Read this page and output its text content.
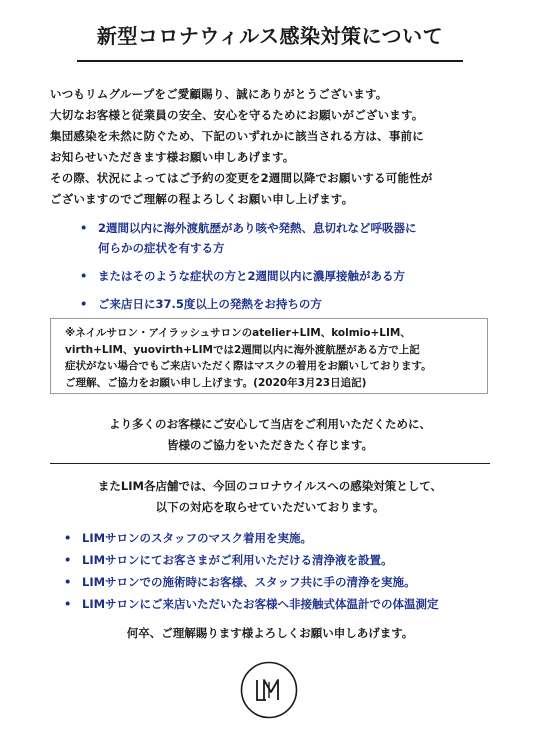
新型コロナウィルス感染対策について

いつもリムグループをご愛顧賜り、誠にありがとうございます。

大切なお客様と従業員の安全、安心を守るためにお願いがございます。

集団感染を未然に防ぐため、下記のいずれかに該当される方は、事前に

お知らせいただきます様お願い申しあげます。

その際、状況によってはご予約の変更を2週間以降でお願いする可能性が

ございますのでご理解の程よろしくお願い申し上げます。

• 2週間以内に海外渡航歴があり咳や発熱、息切れなど呼吸器に
何らかの症状を有する方
• またはそのような症状の方と2週間以内に濃厚接触がある方
• ご来店日に37.5度以上の発熱をお持ちの方

※ネイルサロン・アイラッシュサロンのatelier+LIM、kolmio+LIM、

virth+LIM、yuovirth+LIMでは2週間以内に海外渡航歴がある方で上記

症状がない場合でもご来店いただく際はマスクの着用をお願いしております。

ご理解、ご協力をお願い申し上げます。(2020年3月23日追記)

より多くのお客様にご安心して当店をご利用いただくために、

皆様のご協力をいただきたく存じます。

またLIM各店舗では、今回のコロナウイルスへの感染対策として、

以下の対応を取らせていただいております。

• LIMサロンのスタッフのマスク着用を実施。
• LIMサロンにてお客さまがご利用いただける清浄液を設置。
• LIMサロンでの施術時にお客様、スタッフ共に手の清浄を実施。
• LIMサロンにご来店いただいたお客様へ非接触式体温計での体温測定

何卒、ご理解賜ります様よろしくお願い申しあげます。
